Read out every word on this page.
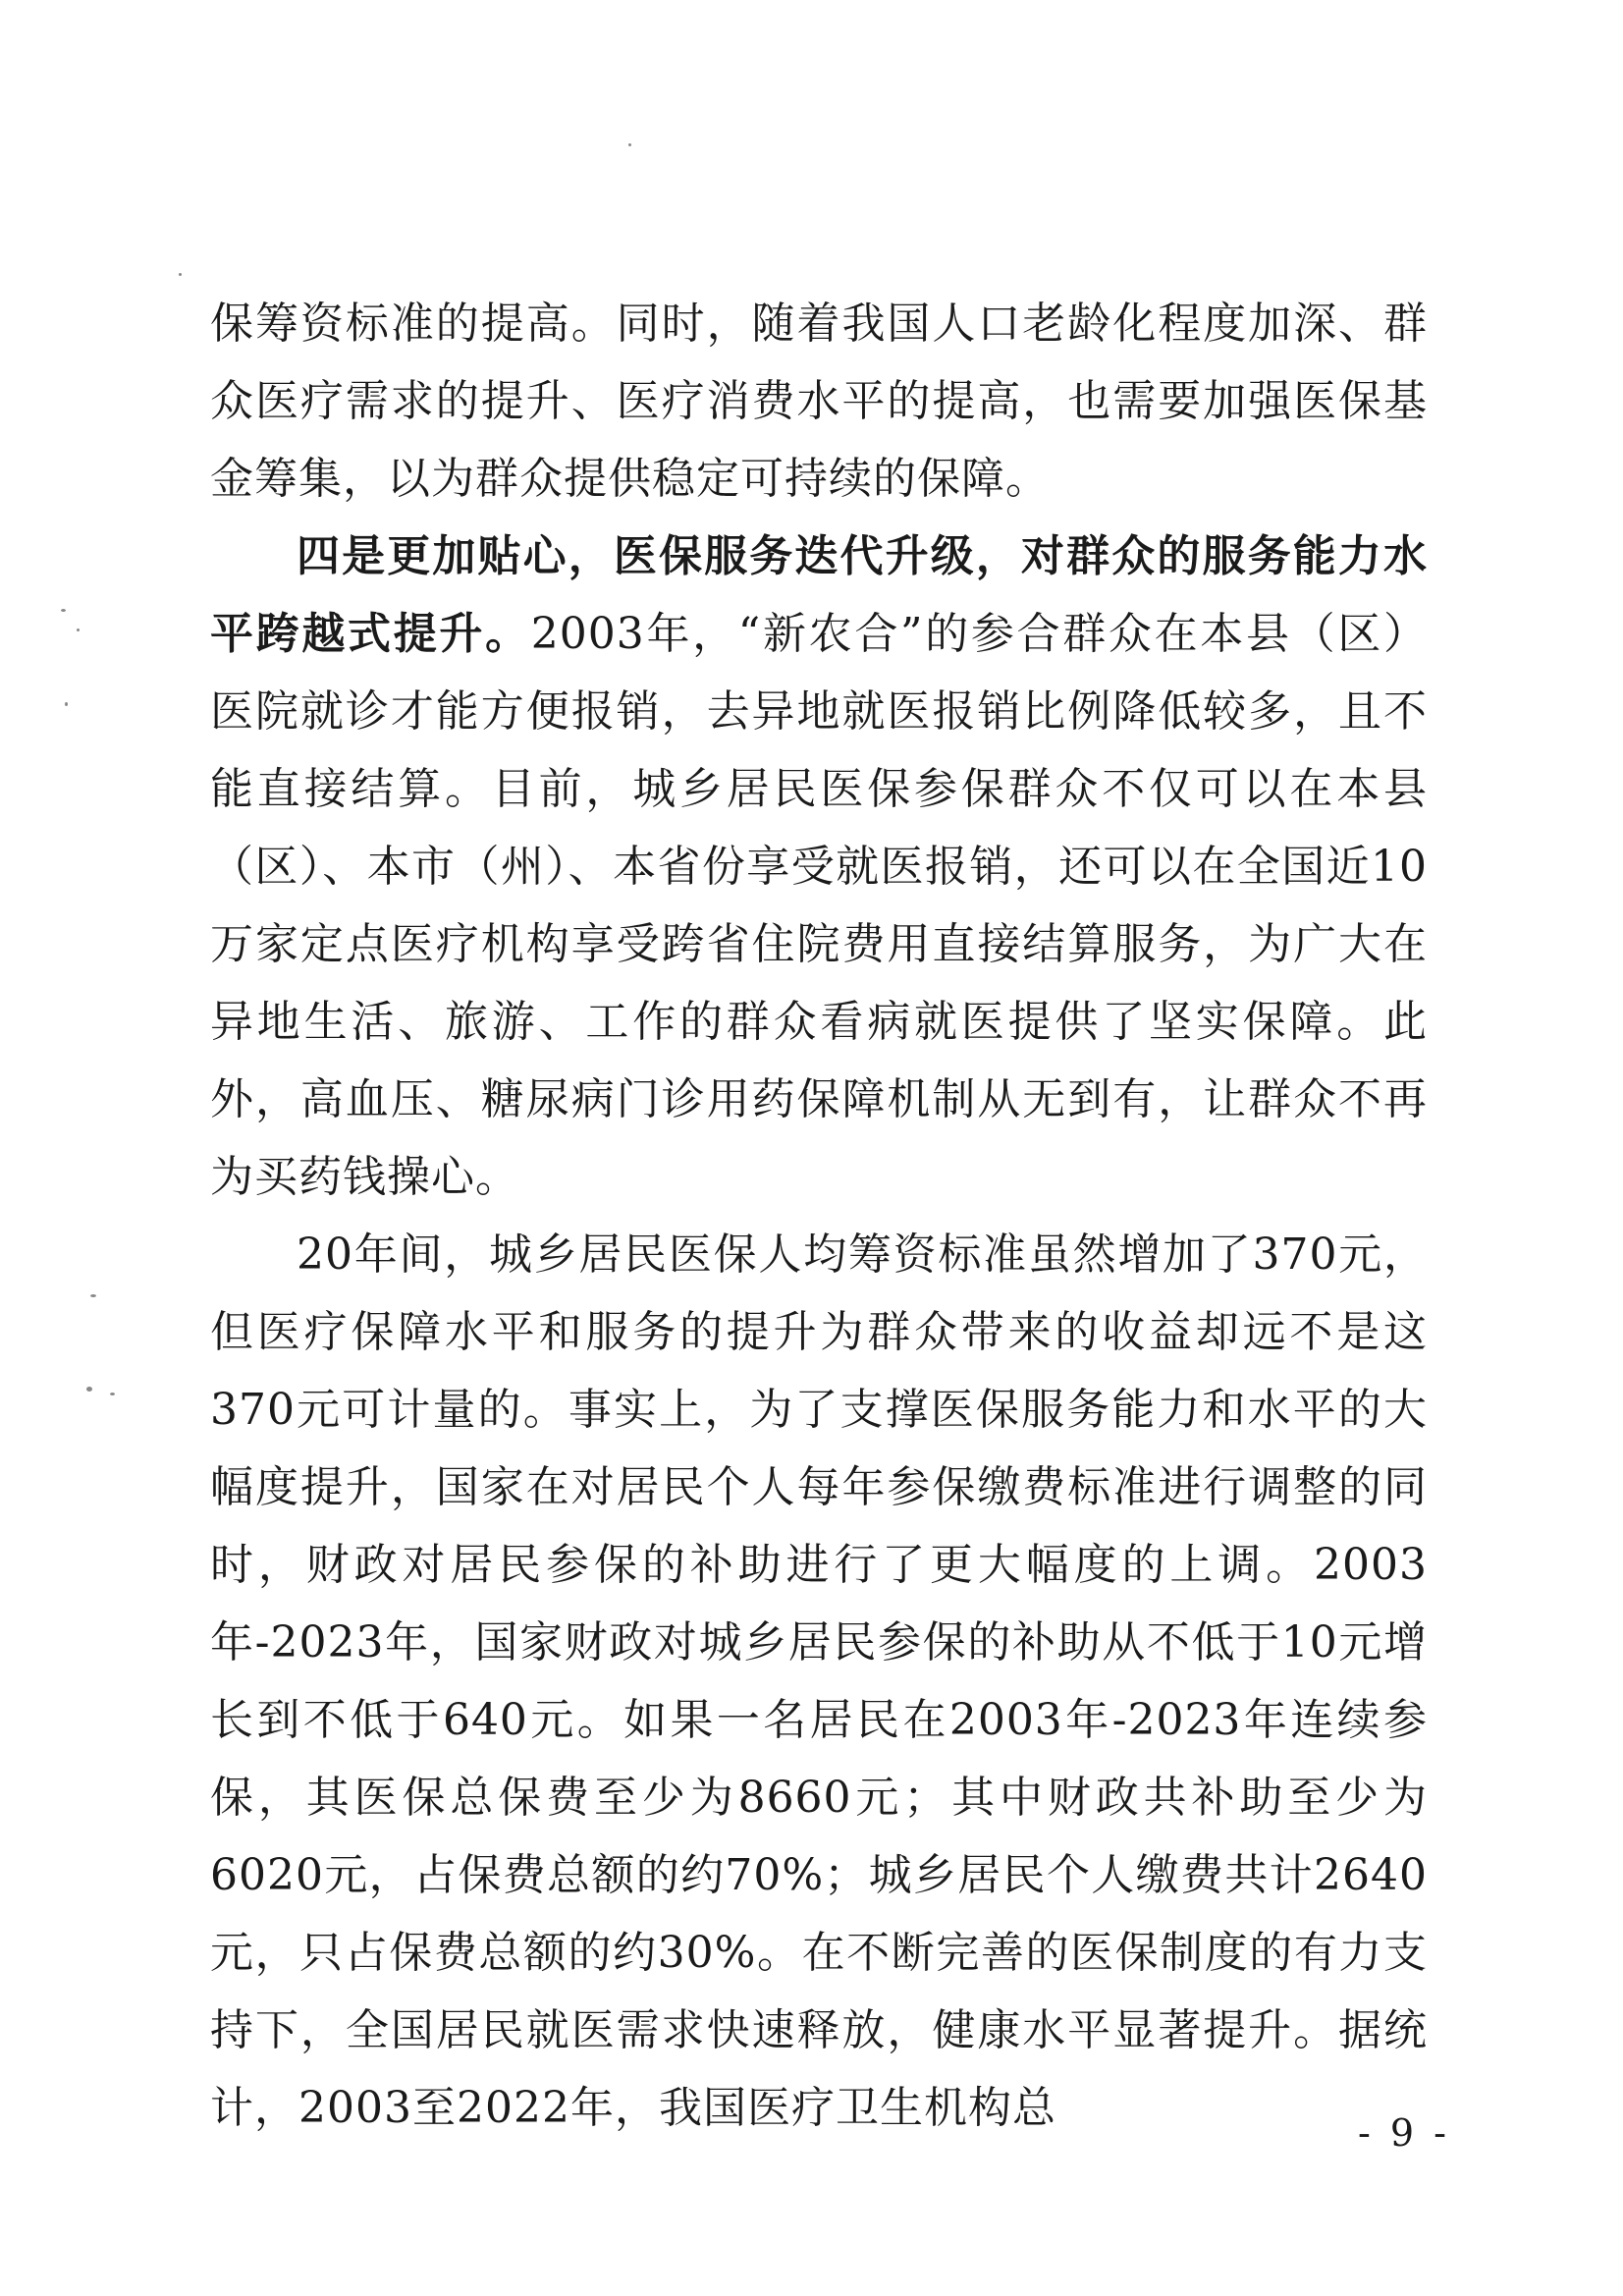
保筹资标准的提高。同时，随着我国人口老龄化程度加深、群众医疗需求的提升、医疗消费水平的提高，也需要加强医保基金筹集，以为群众提供稳定可持续的保障。

四是更加贴心，医保服务迭代升级，对群众的服务能力水平跨越式提升。2003年，“新农合”的参合群众在本县（区）医院就诊才能方便报销，去异地就医报销比例降低较多，且不能直接结算。目前，城乡居民医保参保群众不仅可以在本县（区）、本市（州）、本省份享受就医报销，还可以在全国近10万家定点医疗机构享受跨省住院费用直接结算服务，为广大在异地生活、旅游、工作的群众看病就医提供了坚实保障。此外，高血压、糖尿病门诊用药保障机制从无到有，让群众不再为买药钱操心。

20年间，城乡居民医保人均筹资标准虽然增加了370元，但医疗保障水平和服务的提升为群众带来的收益却远不是这370元可计量的。事实上，为了支撑医保服务能力和水平的大幅度提升，国家在对居民个人每年参保缴费标准进行调整的同时，财政对居民参保的补助进行了更大幅度的上调。2003年-2023年，国家财政对城乡居民参保的补助从不低于10元增长到不低于640元。如果一名居民在2003年-2023年连续参保，其医保总保费至少为8660元；其中财政共补助至少为6020元，占保费总额的约70%；城乡居民个人缴费共计2640元，只占保费总额的约30%。在不断完善的医保制度的有力支持下，全国居民就医需求快速释放，健康水平显著提升。据统计，2003至2022年，我国医疗卫生机构总	- 9 -
